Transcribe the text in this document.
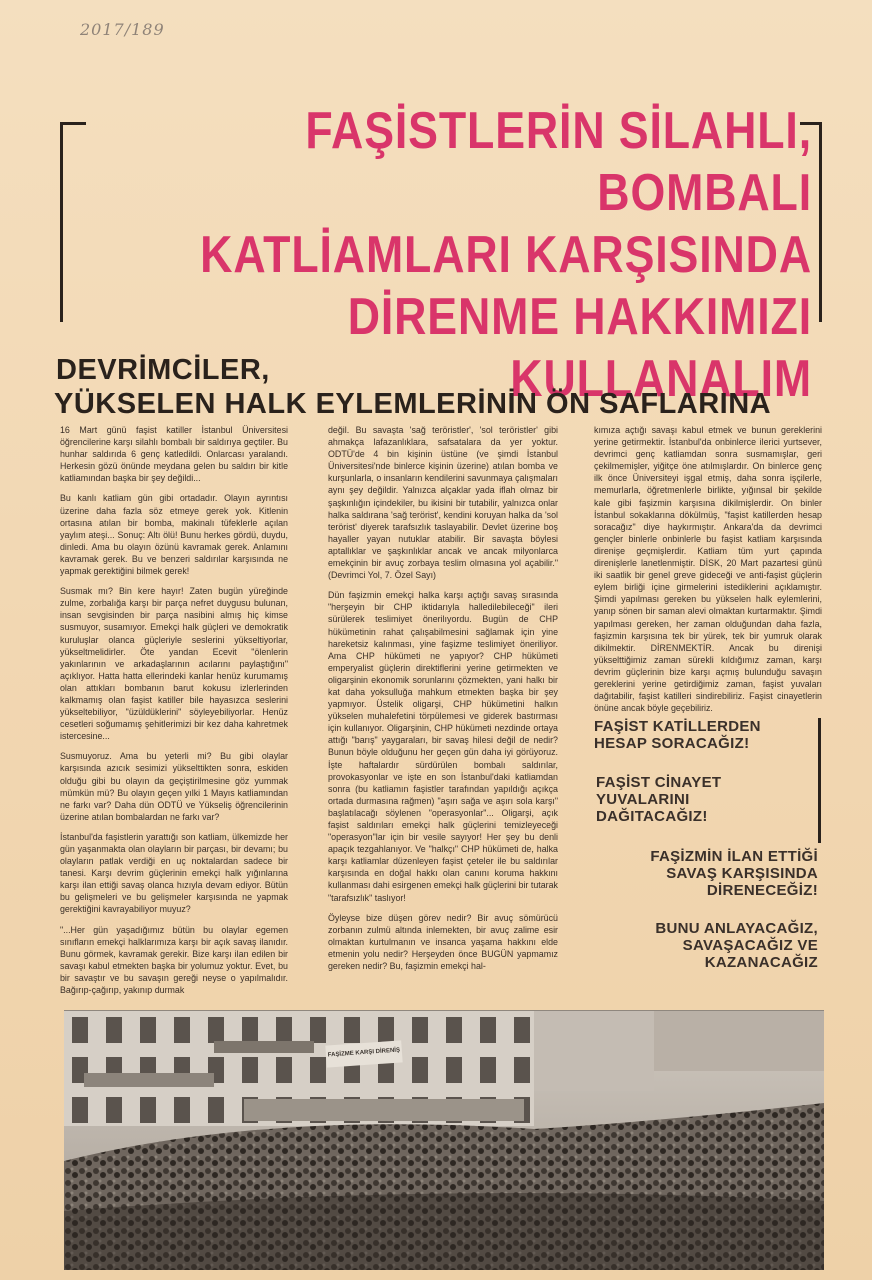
2017/189
FAŞİSTLERİN SİLAHLI, BOMBALI
KATLİAMLARI KARŞISINDA
DİRENME HAKKIMIZI
KULLANALIM
DEVRİMCİLER,
YÜKSELEN HALK EYLEMLERİNİN ÖN SAFLARINA

16 Mart günü faşist katiller İstanbul Üniversitesi öğrencilerine karşı silahlı bombalı bir saldırıya geçtiler. Bu hunhar saldırıda 6 genç katledildi. Onlarcası yaralandı. Herkesin gözü önünde meydana gelen bu saldırı bir kitle katliamından başka bir şey değildi...

Bu kanlı katliam gün gibi ortadadır. Olayın ayrıntısı üzerine daha fazla söz etmeye gerek yok. Kitlenin ortasına atılan bir bomba, makinalı tüfeklerle açılan yaylım ateşi... Sonuç: Altı ölü! Bunu herkes gördü, duydu, dinledi. Ama bu olayın özünü kavramak gerek. Anlamını kavramak gerek. Bu ve benzeri saldırılar karşısında ne yapmak gerektiğini bilmek gerek!

Susmak mı? Bin kere hayır! Zaten bugün yüreğinde zulme, zorbalığa karşı bir parça nefret duygusu bulunan, insan sevgisinden bir parça nasibini almış hiç kimse susmuyor, susamıyor. Emekçi halk güçleri ve demokratik kuruluşlar olanca güçleriyle seslerini yükseltiyorlar, yükseltmelidirler. Öte yandan Ecevit "ölenlerin yakınlarının ve arkadaşlarının acılarını paylaştığını" açıklıyor. Hatta hatta ellerindeki kanlar henüz kurumamış olan attıkları bombanın barut kokusu izlerlerinden kalkmamış olan faşist katiller bile hayasızca seslerini yükseltebiliyor, "üzüldüklerini" söyleyebiliyorlar. Henüz cesetleri soğumamış şehitlerimizi bir kez daha kahretmek istercesine...

Susmuyoruz. Ama bu yeterli mi? Bu gibi olaylar karşısında azıcık sesimizi yükselttikten sonra, eskiden olduğu gibi bu olayın da geçiştirilmesine göz yummak mümkün mü? Bu olayın geçen yılki 1 Mayıs katliamından ne farkı var? Daha dün ODTÜ ve Yükseliş öğrencilerinin üzerine atılan bombalardan ne farkı var?

İstanbul'da faşistlerin yarattığı son katliam, ülkemizde her gün yaşanmakta olan olayların bir parçası, bir devamı; bu olayların patlak verdiği en uç noktalardan sadece bir tanesi. Karşı devrim güçlerinin emekçi halk yığınlarına karşı ilan ettiği savaş olanca hızıyla devam ediyor. Bütün bu gelişmeleri ve bu gelişmeler karşısında ne yapmak gerektiğini kavrayabiliyor muyuz?

"...Her gün yaşadığımız bütün bu olaylar egemen sınıfların emekçi halklarımıza karşı bir açık savaş ilanıdır. Bunu görmek, kavramak gerekir. Bize karşı ilan edilen bir savaşı kabul etmekten başka bir yolumuz yoktur. Evet, bu bir savaştır ve bu savaşın gereği neyse o yapılmalıdır. Bağırıp-çağırıp, yakınıp durmak

değil. Bu savaşta 'sağ teröristler', 'sol teröristler' gibi ahmakça lafazanlıklara, safsatalara da yer yoktur. ODTÜ'de 4 bin kişinin üstüne (ve şimdi İstanbul Üniversitesi'nde binlerce kişinin üzerine) atılan bomba ve kurşunlarla, o insanların kendilerini savunmaya çalışmaları aynı şey değildir. Yalnızca alçaklar yada iflah olmaz bir şaşkınlığın içindekiler, bu ikisini bir tutabilir, yalnızca onlar halka saldırana 'sağ terörist', kendini koruyan halka da 'sol terörist' diyerek tarafsızlık taslayabilir. Devlet üzerine boş hayaller yayan nutuklar atabilir. Bir savaşta böylesi aptallıklar ve şaşkınlıklar ancak ve ancak milyonlarca emekçinin bir avuç zorbaya teslim olmasına yol açabilir." (Devrimci Yol, 7. Özel Sayı)

Dün faşizmin emekçi halka karşı açtığı savaş sırasında "herşeyin bir CHP iktidarıyla halledilebileceği" ileri sürülerek teslimiyet önerilıyordu. Bugün de CHP hükümetinin rahat çalışabilmesini sağlamak için yine hareketsiz kalınması, yine faşizme teslimiyet öneriliyor. Ama CHP hükümeti ne yapıyor? CHP hükümeti emperyalist güçlerin direktiflerini yerine getirmekten ve oligarşinin ekonomik sorunlarını çözmekten, yani halkı bir kat daha yoksulluğa mahkum etmekten başka bir şey yapmıyor. Üstelik oligarşi, CHP hükümetini halkın yükselen muhalefetini törpülemesi ve giderek bastırması için kullanıyor. Oligarşinin, CHP hükümeti nezdinde ortaya attığı "barış" yaygaraları, bir savaş hilesi değil de nedir? Bunun böyle olduğunu her geçen gün daha iyi görüyoruz. İşte haftalardır sürdürülen bombalı saldırılar, provokasyonlar ve işte en son İstanbul'daki katliamdan sonra (bu katliamın faşistler tarafından yapıldığı açıkça ortada durmasına rağmen) "aşırı sağa ve aşırı sola karşı" başlatılacağı söylenen "operasyonlar"... Oligarşi, açık faşist saldırıları emekçi halk güçlerini temizleyeceği "operasyon"lar için bir vesile sayıyor! Her şey bu denli apaçık tezgahlanıyor. Ve "halkçı" CHP hükümeti de, halka karşı katliamlar düzenleyen faşist çeteler ile bu saldırılar karşısında en doğal hakkı olan canını koruma hakkını kullanması dahi esirgenen emekçi halk güçlerini bir tutarak "tarafsızlık" taslıyor!

Öyleyse bize düşen görev nedir? Bir avuç sömürücü zorbanın zulmü altında inlemekten, bir avuç zalime esir olmaktan kurtulmanın ve insanca yaşama hakkını elde etmenin yolu nedir? Herşeyden önce BUGÜN yapmamız gereken nedir? Bu, faşizmin emekçi hal-

kımıza açtığı savaşı kabul etmek ve bunun gereklerini yerine getirmektir. İstanbul'da onbinlerce ilerici yurtsever, devrimci genç katliamdan sonra susmamışlar, geri çekilmemişler, yiğitçe öne atılmışlardır. On binlerce genç ilk önce Üniversiteyi işgal etmiş, daha sonra işçilerle, memurlarla, öğretmenlerle birlikte, yığınsal bir şekilde kale gibi faşizmin karşısına dikilmişlerdir. On binler İstanbul sokaklarına dökülmüş, "faşist katillerden hesap soracağız" diye haykırmıştır. Ankara'da da devrimci gençler binlerle onbinlerle bu faşist katliam karşısında direnişe geçmişlerdir. Katliam tüm yurt çapında direnişlerle lanetlenmiştir. DİSK, 20 Mart pazartesi günü iki saatlik bir genel greve gideceği ve anti-faşist güçlerin eylem birliği içine girmelerini istediklerini açıklamıştır. Şimdi yapılması gereken bu yükselen halk eylemlerini, yanıp sönen bir saman alevi olmaktan kurtarmaktır. Şimdi yapılması gereken, her zaman olduğundan daha fazla, faşizmin karşısına tek bir yürek, tek bir yumruk olarak dikilmektir. DİRENMEKTİR. Ancak bu direnişi yükselttiğimiz zaman sürekli kıldığımız zaman, karşı devrim güçlerinin bize karşı açmış bulunduğu savaşın gereklerini yerine getirdiğimiz zaman, faşist yuvaları dağıtabilir, faşist katilleri sindirebiliriz. Faşist cinayetlerin önüne ancak böyle geçebiliriz.

FAŞİST KATİLLERDEN
HESAP SORACAĞIZ!
FAŞİST CİNAYET
YUVALARINI
DAĞITACAĞIZ!
FAŞİZMİN İLAN ETTİĞİ
SAVAŞ KARŞISINDA
DİRENECEĞİZ!
BUNU ANLAYACAĞIZ,
SAVAŞACAĞIZ VE
KAZANACAĞIZ
FAŞİZME KARŞI DİRENİŞ
